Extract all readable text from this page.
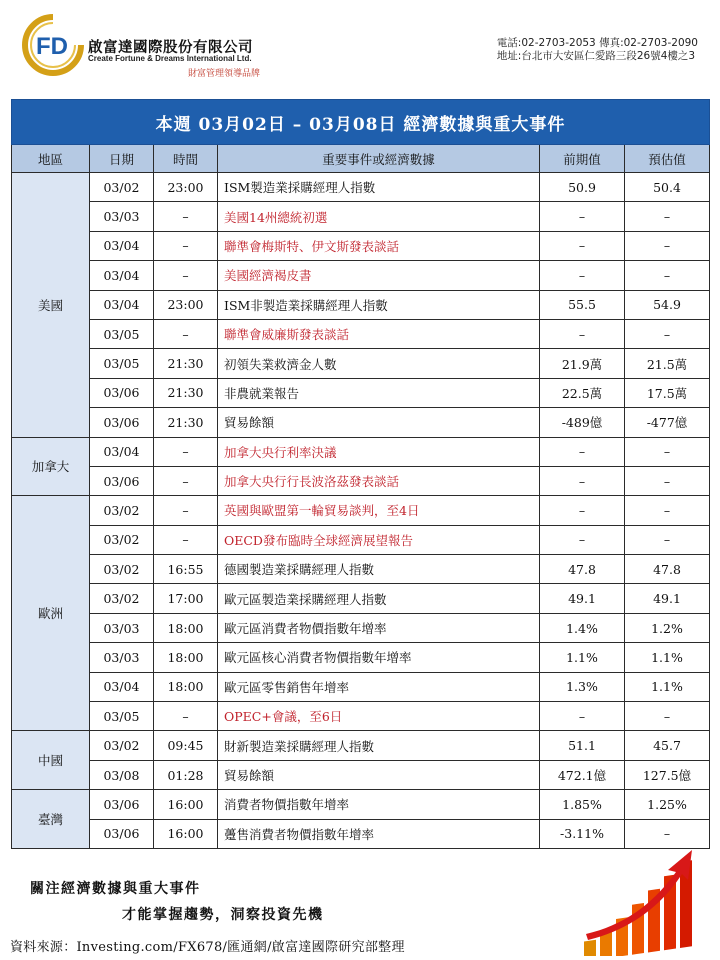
FD 啟富達國際股份有限公司
Create Fortune & Dreams International Ltd.
財富管理領導品牌
電話:02-2703-2053 傳真:02-2703-2090
地址:台北市大安區仁愛路三段26號4樓之3
本週 03月02日 – 03月08日 經濟數據與重大事件					
地區	日期	時間	重要事件或經濟數據	前期值	預估值
美國	03/02	23:00	ISM製造業採購經理人指數	50.9	50.4
	03/03	–	美國14州總統初選	–	–
	03/04	–	聯準會梅斯特、伊文斯發表談話	–	–
	03/04	–	美國經濟褐皮書	–	–
	03/04	23:00	ISM非製造業採購經理人指數	55.5	54.9
	03/05	–	聯準會威廉斯發表談話	–	–
	03/05	21:30	初領失業救濟金人數	21.9萬	21.5萬
	03/06	21:30	非農就業報告	22.5萬	17.5萬
	03/06	21:30	貿易餘額	-489億	-477億
加拿大	03/04	–	加拿大央行利率決議	–	–
	03/06	–	加拿大央行行長波洛茲發表談話	–	–
歐洲	03/02	–	英國與歐盟第一輪貿易談判，至4日	–	–
	03/02	–	OECD發布臨時全球經濟展望報告	–	–
	03/02	16:55	德國製造業採購經理人指數	47.8	47.8
	03/02	17:00	歐元區製造業採購經理人指數	49.1	49.1
	03/03	18:00	歐元區消費者物價指數年增率	1.4%	1.2%
	03/03	18:00	歐元區核心消費者物價指數年增率	1.1%	1.1%
	03/04	18:00	歐元區零售銷售年增率	1.3%	1.1%
	03/05	–	OPEC+會議，至6日	–	–
中國	03/02	09:45	財新製造業採購經理人指數	51.1	45.7
	03/08	01:28	貿易餘額	472.1億	127.5億
臺灣	03/06	16:00	消費者物價指數年增率	1.85%	1.25%
	03/06	16:00	躉售消費者物價指數年增率	-3.11%	–
關注經濟數據與重大事件
才能掌握趨勢，洞察投資先機
資料來源：Investing.com/FX678/匯通網/啟富達國際研究部整理
